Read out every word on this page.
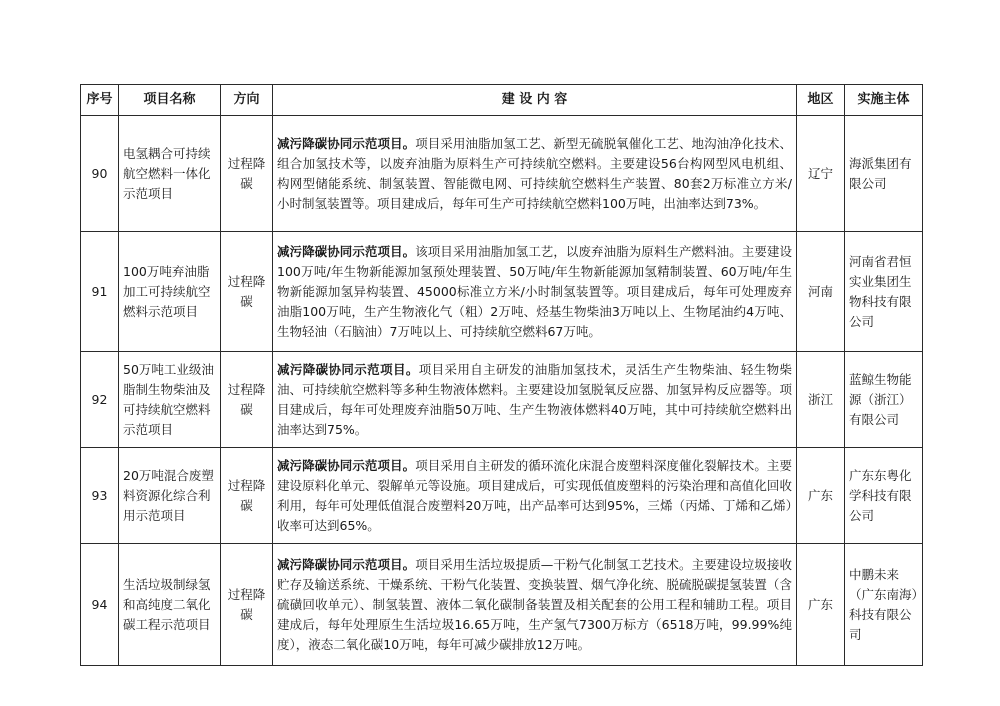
序号	项目名称	方向	建 设 内 容	地区	实施主体
90	电氢耦合可持续航空燃料一体化示范项目	过程降碳	减污降碳协同示范项目。项目采用油脂加氢工艺、新型无硫脱氧催化工艺、地沟油净化技术、组合加氢技术等，以废弃油脂为原料生产可持续航空燃料。主要建设56台构网型风电机组、构网型储能系统、制氢装置、智能微电网、可持续航空燃料生产装置、80套2万标准立方米/小时制氢装置等。项目建成后，每年可生产可持续航空燃料100万吨，出油率达到73%。	辽宁	海派集团有限公司
91	100万吨弃油脂加工可持续航空燃料示范项目	过程降碳	减污降碳协同示范项目。该项目采用油脂加氢工艺，以废弃油脂为原料生产燃料油。主要建设100万吨/年生物新能源加氢预处理装置、50万吨/年生物新能源加氢精制装置、60万吨/年生物新能源加氢异构装置、45000标准立方米/小时制氢装置等。项目建成后，每年可处理废弃油脂100万吨，生产生物液化气（粗）2万吨、烃基生物柴油3万吨以上、生物尾油约4万吨、生物轻油（石脑油）7万吨以上、可持续航空燃料67万吨。	河南	河南省君恒实业集团生物科技有限公司
92	50万吨工业级油脂制生物柴油及可持续航空燃料示范项目	过程降碳	减污降碳协同示范项目。项目采用自主研发的油脂加氢技术，灵活生产生物柴油、轻生物柴油、可持续航空燃料等多种生物液体燃料。主要建设加氢脱氧反应器、加氢异构反应器等。项目建成后，每年可处理废弃油脂50万吨、生产生物液体燃料40万吨，其中可持续航空燃料出油率达到75%。	浙江	蓝鲸生物能源（浙江）有限公司
93	20万吨混合废塑料资源化综合利用示范项目	过程降碳	减污降碳协同示范项目。项目采用自主研发的循环流化床混合废塑料深度催化裂解技术。主要建设原料化单元、裂解单元等设施。项目建成后，可实现低值废塑料的污染治理和高值化回收利用，每年可处理低值混合废塑料20万吨，出产品率可达到95%，三烯（丙烯、丁烯和乙烯）收率可达到65%。	广东	广东东粤化学科技有限公司
94	生活垃圾制绿氢和高纯度二氧化碳工程示范项目	过程降碳	减污降碳协同示范项目。项目采用生活垃圾提质—干粉气化制氢工艺技术。主要建设垃圾接收贮存及输送系统、干燥系统、干粉气化装置、变换装置、烟气净化统、脱硫脱碳提氢装置（含硫磺回收单元）、制氢装置、液体二氧化碳制备装置及相关配套的公用工程和辅助工程。项目建成后，每年处理原生生活垃圾16.65万吨，生产氢气7300万标方（6518万吨，99.99%纯度），液态二氧化碳10万吨，每年可减少碳排放12万吨。	广东	中鹏未来（广东南海）科技有限公司
